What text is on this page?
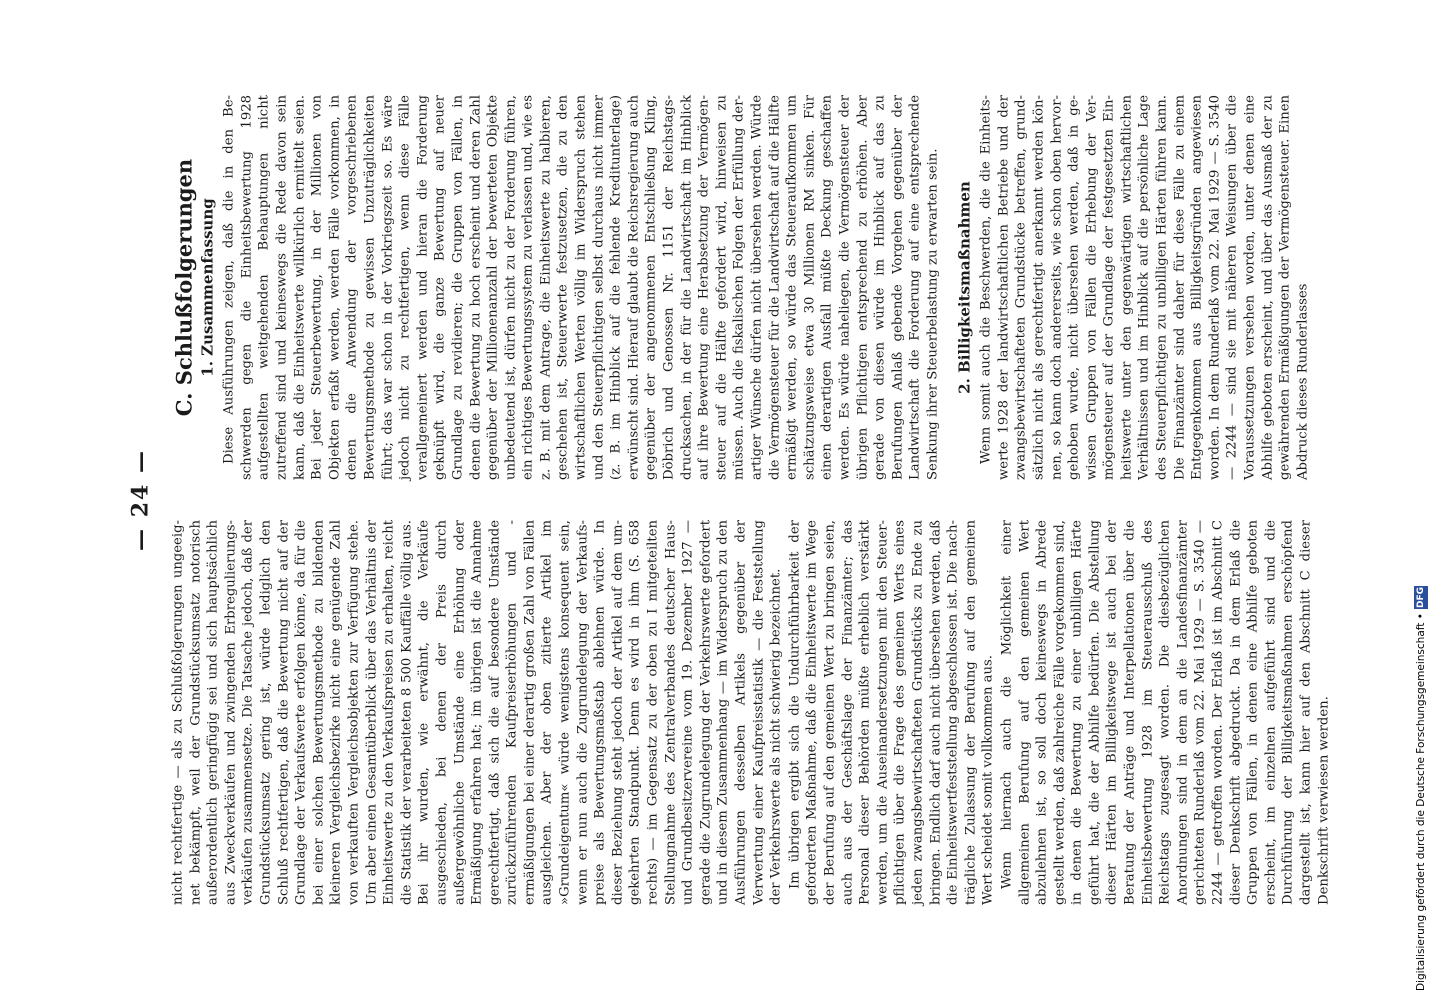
— 24 —

nicht rechtfertige — als zu Schlußfolgerungen ungeeignet bekämpft, weil der Grundstücksumsatz notorisch außerordentlich geringfügig sei und sich hauptsächlich aus Zweckverkäufen und zwingenden Erbregulierungsverkäufen zusammensetze. Die Tatsache jedoch, daß der Grundstücksumsatz gering ist, würde lediglich den Schluß rechtfertigen, daß die Bewertung nicht auf der Grundlage der Verkaufswerte erfolgen könne, da für die bei einer solchen Bewertungsmethode zu bildenden kleineren Vergleichsbezirke nicht eine genügende Zahl von verkauften Vergleichsobjekten zur Verfügung stehe. Um aber einen Gesamtüberblick über das Verhältnis der Einheitswerte zu den Verkaufspreisen zu erhalten, reicht die Statistik der verarbeiteten 8 500 Kauffälle völlig aus. Bei ihr wurden, wie erwähnt, die Verkäufe ausgeschieden, bei denen der Preis durch außergewöhnliche Umstände eine Erhöhung oder Ermäßigung erfahren hat; im übrigen ist die Annahme gerechtfertigt, daß sich die auf besondere Umstände zurückzuführenden Kaufpreiserhöhungen und -ermäßigungen bei einer derartig großen Zahl von Fällen ausgleichen. Aber der oben zitierte Artikel im »Grundeigentum« würde wenigstens konsequent sein, wenn er nun auch die Zugrundelegung der Verkaufspreise als Bewertungsmaßstab ablehnen würde. In dieser Beziehung steht jedoch der Artikel auf dem umgekehrten Standpunkt. Denn es wird in ihm (S. 658 rechts) — im Gegensatz zu der oben zu I mitgeteilten Stellungnahme des Zentralverbandes deutscher Haus- und Grundbesitzervereine vom 19. Dezember 1927 — gerade die Zugrundelegung der Verkehrswerte gefordert und in diesem Zusammenhang — im Widerspruch zu den Ausführungen desselben Artikels gegenüber der Verwertung einer Kaufpreisstatistik — die Feststellung der Verkehrswerte als nicht schwierig bezeichnet. Im übrigen ergibt sich die Undurchführbarkeit der geforderten Maßnahme, daß die Einheitswerte im Wege der Berufung auf den gemeinen Wert zu bringen seien, auch aus der Geschäftslage der Finanzämter; das Personal dieser Behörden müßte erheblich verstärkt werden, um die Auseinandersetzungen mit den Steuerpflichtigen über die Frage des gemeinen Werts eines jeden zwangsbewirtschafteten Grundstücks zu Ende zu bringen. Endlich darf auch nicht übersehen werden, daß die Einheitswertfeststellung abgeschlossen ist. Die nachträgliche Zulassung der Berufung auf den gemeinen Wert scheidet somit vollkommen aus. Wenn hiernach auch die Möglichkeit einer allgemeinen Berufung auf den gemeinen Wert abzulehnen ist, so soll doch keineswegs in Abrede gestellt werden, daß zahlreiche Fälle vorgekommen sind, in denen die Bewertung zu einer unbilligen Härte geführt hat, die der Abhilfe bedürfen. Die Abstellung dieser Härten im Billigkeitswege ist auch bei der Beratung der Anträge und Interpellationen über die Einheitsbewertung 1928 im Steuerausschuß des Reichstags zugesagt worden. Die diesbezüglichen Anordnungen sind in dem an die Landesfinanzämter gerichteten Runderlaß vom 22. Mai 1929 — S. 3540 — 2244 — getroffen worden. Der Erlaß ist im Abschnitt C dieser Denkschrift abgedruckt. Da in dem Erlaß die Gruppen von Fällen, in denen eine Abhilfe geboten erscheint, im einzelnen aufgeführt sind und die Durchführung der Billigkeitsmaßnahmen erschöpfend dargestellt ist, kann hier auf den Abschnitt C dieser Denkschrift verwiesen werden.

C. Schlußfolgerungen 1. Zusammenfassung Diese Ausführungen zeigen, daß die in den Beschwerden gegen die Einheitsbewertung 1928 aufgestellten weitgehenden Behauptungen nicht zutreffend sind und keineswegs die Rede davon sein kann, daß die Einheitswerte willkürlich ermittelt seien. Bei jeder Steuerbewertung, in der Millionen von Objekten erfaßt werden, werden Fälle vorkommen, in denen die Anwendung der vorgeschriebenen Bewertungsmethode zu gewissen Unzuträglichkeiten führt; das war schon in der Vorkriegszeit so. Es wäre jedoch nicht zu rechtfertigen, wenn diese Fälle verallgemeinert werden und hieran die Forderung geknüpft wird, die ganze Bewertung auf neuer Grundlage zu revidieren; die Gruppen von Fällen, in denen die Bewertung zu hoch erscheint und deren Zahl gegenüber der Millionenanzahl der bewerteten Objekte unbedeutend ist, dürfen nicht zu der Forderung führen, ein richtiges Bewertungssystem zu verlassen und, wie es z. B. mit dem Antrage, die Einheitswerte zu halbieren, geschehen ist, Steuerwerte festzusetzen, die zu den wirtschaftlichen Werten völlig im Widerspruch stehen und den Steuerpflichtigen selbst durchaus nicht immer (z. B. im Hinblick auf die fehlende Kreditunterlage) erwünscht sind. Hierauf glaubt die Reichsregierung auch gegenüber der angenommenen Entschließung Kling, Döbrich und Genossen Nr. 1151 der Reichstagsdrucksachen, in der für die Landwirtschaft im Hinblick auf ihre Bewertung eine Herabsetzung der Vermögensteuer auf die Hälfte gefordert wird, hinweisen zu müssen. Auch die fiskalischen Folgen der Erfüllung derartiger Wünsche dürfen nicht übersehen werden. Würde die Vermögensteuer für die Landwirtschaft auf die Hälfte ermäßigt werden, so würde das Steueraufkommen um schätzungsweise etwa 30 Millionen RM sinken. Für einen derartigen Ausfall müßte Deckung geschaffen werden. Es würde naheliegen, die Vermögensteuer der übrigen Pflichtigen entsprechend zu erhöhen. Aber gerade von diesen würde im Hinblick auf das zu Berufungen Anlaß gebende Vorgehen gegenüber der Landwirtschaft die Forderung auf eine entsprechende Senkung ihrer Steuerbelastung zu erwarten sein. 2. Billigkeitsmaßnahmen Wenn somit auch die Beschwerden, die die Einheitswerte 1928 der landwirtschaftlichen Betriebe und der zwangsbewirtschafteten Grundstücke betreffen, grundsätzlich nicht als gerechtfertigt anerkannt werden können, so kann doch andererseits, wie schon oben hervorgehoben wurde, nicht übersehen werden, daß in gewissen Gruppen von Fällen die Erhebung der Vermögensteuer auf der Grundlage der festgesetzten Einheitswerte unter den gegenwärtigen wirtschaftlichen Verhältnissen und im Hinblick auf die persönliche Lage des Steuerpflichtigen zu unbilligen Härten führen kann. Die Finanzämter sind daher für diese Fälle zu einem Entgegenkommen aus Billigkeitsgründen angewiesen worden. In dem Runderlaß vom 22. Mai 1929 — S. 3540 — 2244 — sind sie mit näheren Weisungen über die Voraussetzungen versehen worden, unter denen eine Abhilfe geboten erscheint, und über das Ausmaß der zu gewährenden Ermäßigungen der Vermögensteuer. Einen Abdruck dieses Runderlasses

Digitalisierung gefördert durch die Deutsche Forschungsgemeinschaft •
DFG
